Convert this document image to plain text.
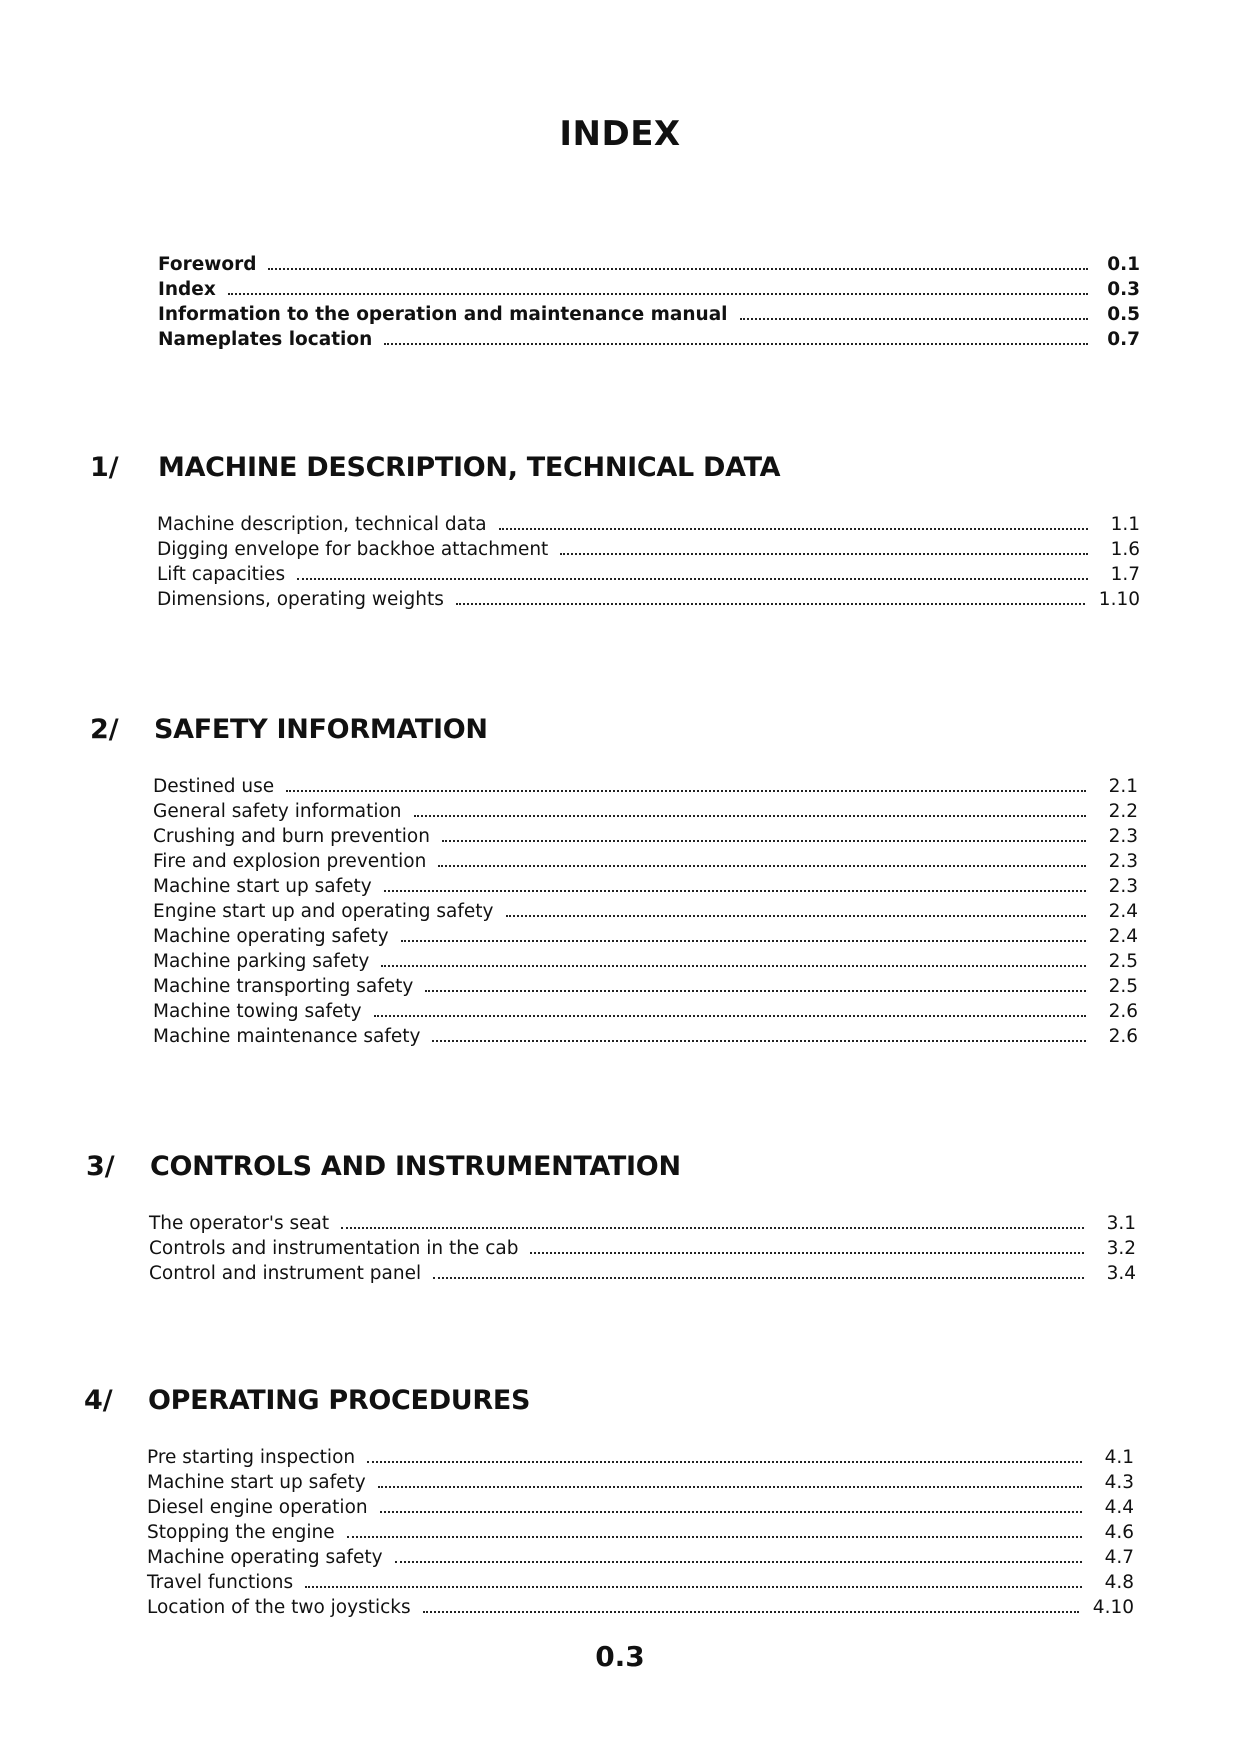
INDEX
Foreword	0.1
Index	0.3
Information to the operation and maintenance manual	0.5
Nameplates location	0.7
1/ MACHINE DESCRIPTION, TECHNICAL DATA
Machine description, technical data	1.1
Digging envelope for backhoe attachment	1.6
Lift capacities	1.7
Dimensions, operating weights	1.10
2/ SAFETY INFORMATION
Destined use	2.1
General safety information	2.2
Crushing and burn prevention	2.3
Fire and explosion prevention	2.3
Machine start up safety	2.3
Engine start up and operating safety	2.4
Machine operating safety	2.4
Machine parking safety	2.5
Machine transporting safety	2.5
Machine towing safety	2.6
Machine maintenance safety	2.6
3/ CONTROLS AND INSTRUMENTATION
The operator's seat	3.1
Controls and instrumentation in the cab	3.2
Control and instrument panel	3.4
4/ OPERATING PROCEDURES
Pre starting inspection	4.1
Machine start up safety	4.3
Diesel engine operation	4.4
Stopping the engine	4.6
Machine operating safety	4.7
Travel functions	4.8
Location of the two joysticks	4.10
0.3
